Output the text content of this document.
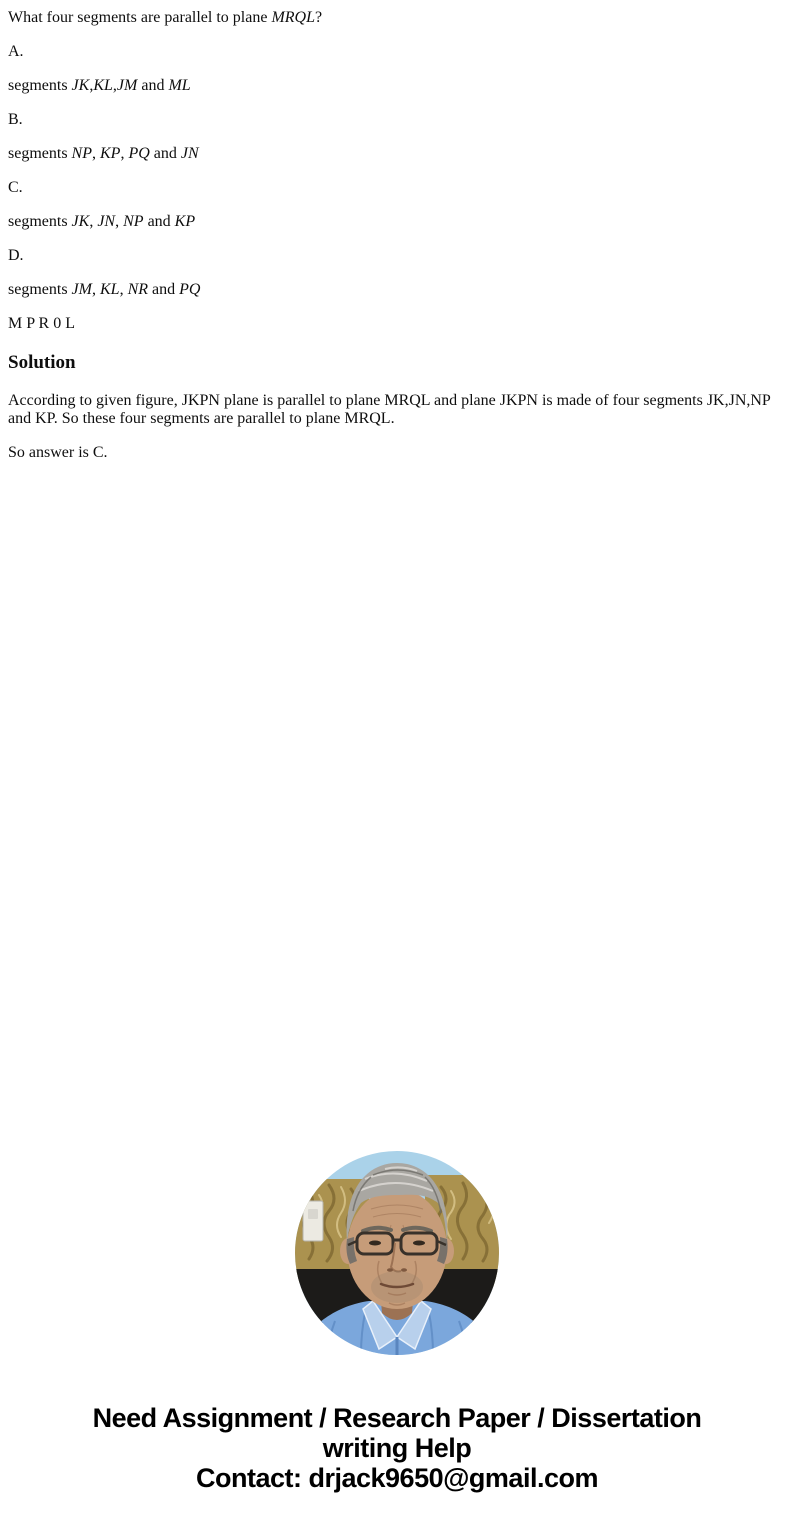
What four segments are parallel to plane MRQL?

A.

segments JK,KL,JM and ML

B.

segments NP, KP, PQ and JN

C.

segments JK, JN, NP and KP

D.

segments JM, KL, NR and PQ

M P R 0 L

Solution

According to given figure, JKPN plane is parallel to plane MRQL and plane JKPN is made of four segments JK,JN,NP and KP. So these four segments are parallel to plane MRQL.

So answer is C.

Need Assignment / Research Paper / Dissertation
writing Help
Contact: drjack9650@gmail.com
